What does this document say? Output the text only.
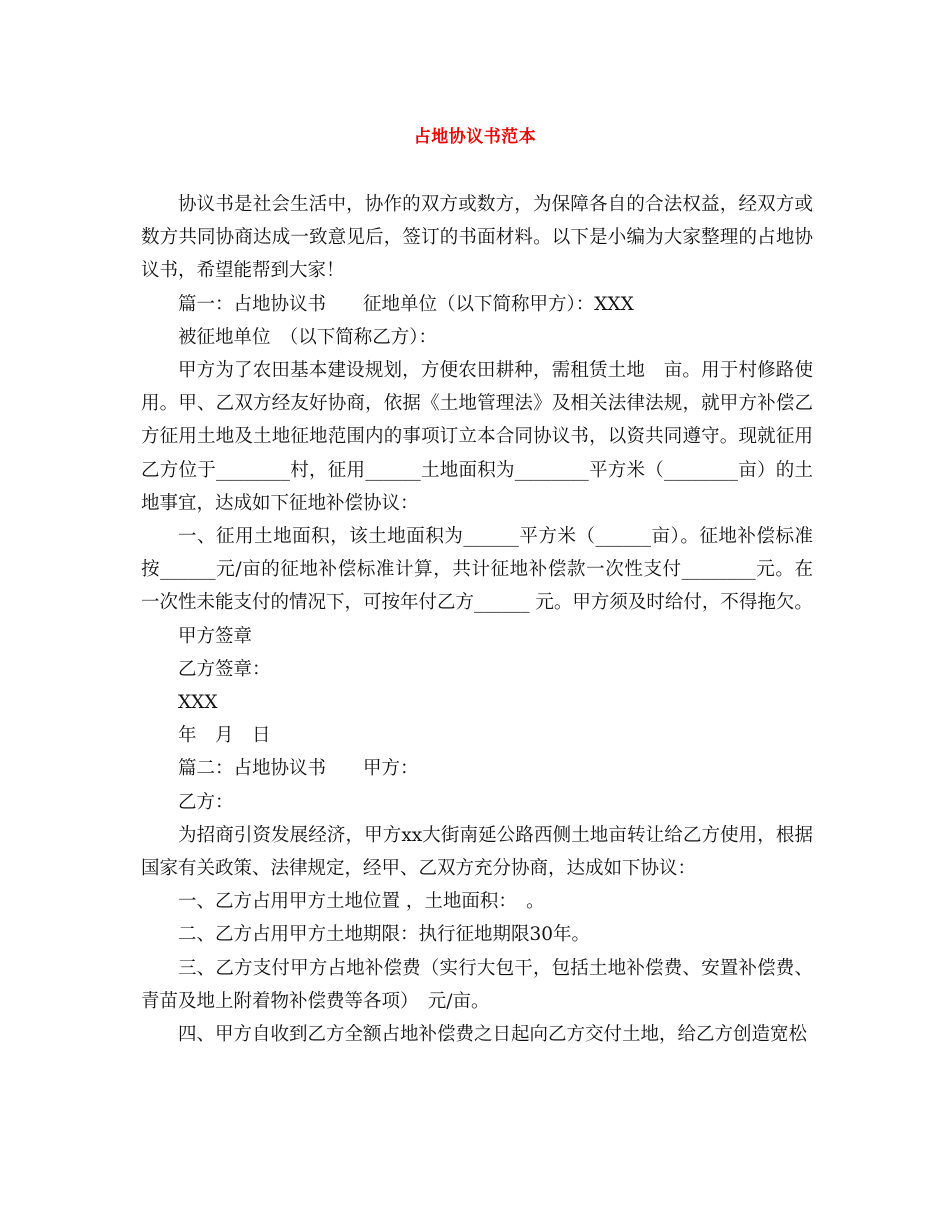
占地协议书范本

协议书是社会生活中，协作的双方或数方，为保障各自的合法权益，经双方或数方共同协商达成一致意见后，签订的书面材料。以下是小编为大家整理的占地协议书，希望能帮到大家！

篇一：占地协议书　　征地单位（以下简称甲方）：XXX

被征地单位　（以下简称乙方）：

甲方为了农田基本建设规划，方便农田耕种，需租赁土地　亩。用于村修路使用。甲、乙双方经友好协商，依据《土地管理法》及相关法律法规，就甲方补偿乙方征用土地及土地征地范围内的事项订立本合同协议书，以资共同遵守。现就征用乙方位于________村，征用______土地面积为________平方米（________亩）的土地事宜，达成如下征地补偿协议：

一、征用土地面积，该土地面积为______平方米（______亩）。征地补偿标准按______元/亩的征地补偿标准计算，共计征地补偿款一次性支付________元。在一次性未能支付的情况下，可按年付乙方______ 元。甲方须及时给付，不得拖欠。

甲方签章

乙方签章：

XXX

年　月　日

篇二：占地协议书　　甲方：

乙方：

为招商引资发展经济，甲方xx大街南延公路西侧土地亩转让给乙方使用，根据国家有关政策、法律规定，经甲、乙双方充分协商，达成如下协议：

一、乙方占用甲方土地位置 ，土地面积：　。

二、乙方占用甲方土地期限：执行征地期限30年。

三、乙方支付甲方占地补偿费（实行大包干，包括土地补偿费、安置补偿费、青苗及地上附着物补偿费等各项）　元/亩。

四、甲方自收到乙方全额占地补偿费之日起向乙方交付土地，给乙方创造宽松
